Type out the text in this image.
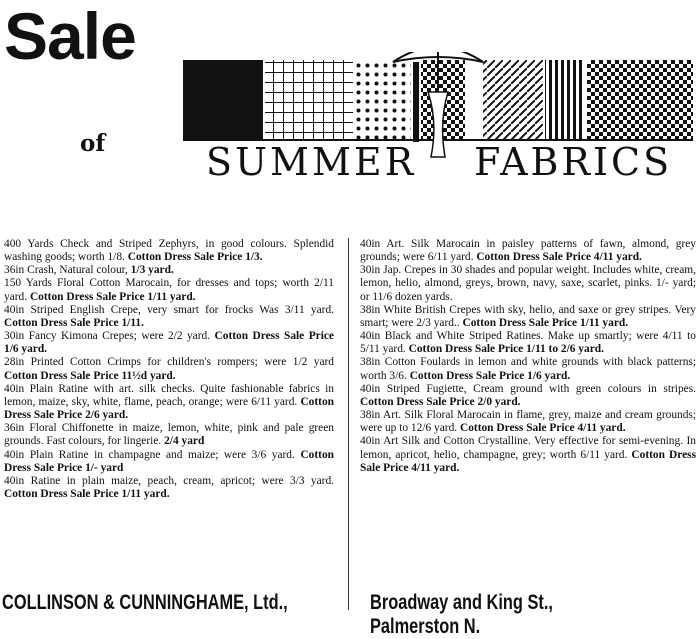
Sale
of	SUMMER FABRICS

400 Yards Check and Striped Zephyrs, in good colours. Splendid washing goods; worth 1/8. Cotton Dress Sale Price 1/3.

36in Crash, Natural colour, 1/3 yard.

150 Yards Floral Cotton Marocain, for dresses and tops; worth 2/11 yard. Cotton Dress Sale Price 1/11 yard.

40in Striped English Crepe, very smart for frocks Was 3/11 yard. Cotton Dress Sale Price 1/11.

30in Fancy Kimona Crepes; were 2/2 yard. Cotton Dress Sale Price 1/6 yard.

28in Printed Cotton Crimps for children's rompers; were 1/2 yard Cotton Dress Sale Price 11½d yard.

40in Plain Ratine with art. silk checks. Quite fashionable fabrics in lemon, maize, sky, white, flame, peach, orange; were 6/11 yard. Cotton Dress Sale Price 2/6 yard.

36in Floral Chiffonette in maize, lemon, white, pink and pale green grounds. Fast colours, for lingerie. 2/4 yard

40in Plain Ratine in champagne and maize; were 3/6 yard. Cotton Dress Sale Price 1/- yard

40in Ratine in plain maize, peach, cream, apricot; were 3/3 yard. Cotton Dress Sale Price 1/11 yard.

40in Art. Silk Marocain in paisley patterns of fawn, almond, grey grounds; were 6/11 yard. Cotton Dress Sale Price 4/11 yard.

30in Jap. Crepes in 30 shades and popular weight. Includes white, cream, lemon, helio, almond, greys, brown, navy, saxe, scarlet, pinks. 1/- yard; or 11/6 dozen yards.

38in White British Crepes with sky, helio, and saxe or grey stripes. Very smart; were 2/3 yard.. Cotton Dress Sale Price 1/11 yard.

40in Black and White Striped Ratines. Make up smartly; were 4/11 to 5/11 yard. Cotton Dress Sale Price 1/11 to 2/6 yard.

38in Cotton Foulards in lemon and white grounds with black patterns; worth 3/6. Cotton Dress Sale Price 1/6 yard.

40in Striped Fugiette, Cream ground with green colours in stripes. Cotton Dress Sale Price 2/0 yard.

38in Art. Silk Floral Marocain in flame, grey, maize and cream grounds; were up to 12/6 yard. Cotton Dress Sale Price 4/11 yard.

40in Art Silk and Cotton Crystalline. Very effective for semi-evening. In lemon, apricot, helio, champagne, grey; worth 6/11 yard. Cotton Dress Sale Price 4/11 yard.

COLLINSON & CUNNINGHAME, Ltd.,	Broadway and King St., Palmerston N.
